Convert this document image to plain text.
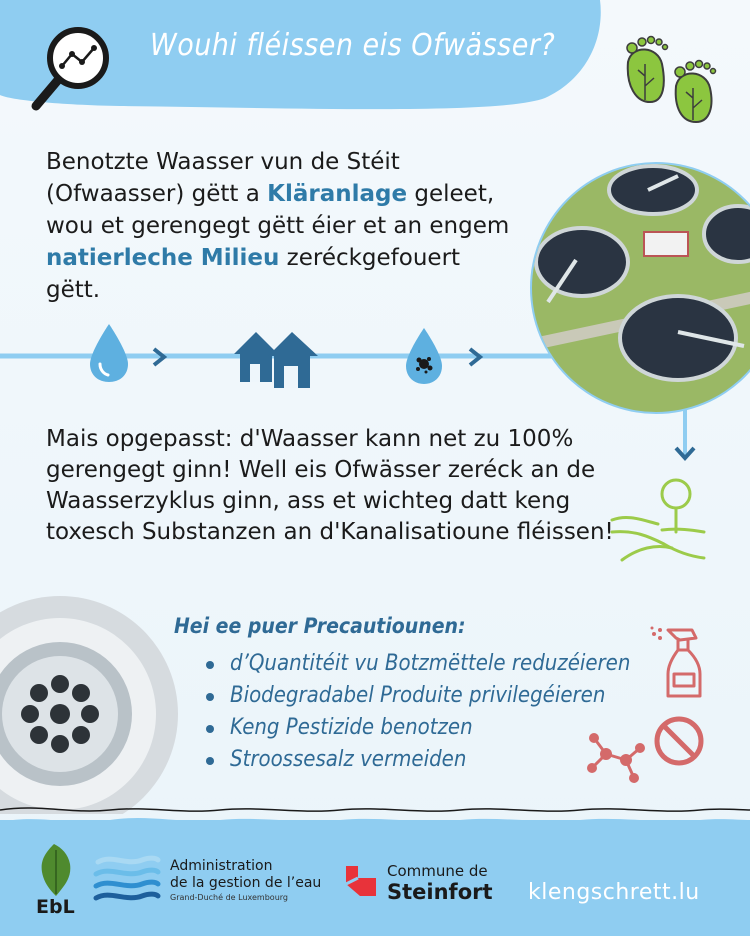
Wouhi fléissen eis Ofwässer?
Benotzte Waasser vun de Stéit (Ofwaasser) gëtt a Kläranlage geleet, wou et gerengegt gëtt éier et an engem natierleche Milieu zeréckgefouert gëtt.
Mais opgepasst: d'Waasser kann net zu 100% gerengegt ginn! Well eis Ofwässer zeréck an de Waasserzyklus ginn, ass et wichteg datt keng toxesch Substanzen an d'Kanalisatioune fléissen!
Hei ee puer Precautiounen:
d’Quantitéit vu Botzmëttele reduzéieren
Biodegradabel Produite privilegéieren
Keng Pestizide benotzen
Stroossesalz vermeiden
EbL
Administration
de la gestion de l’eau
Grand-Duché de Luxembourg
Commune de
Steinfort klengschrett.lu
